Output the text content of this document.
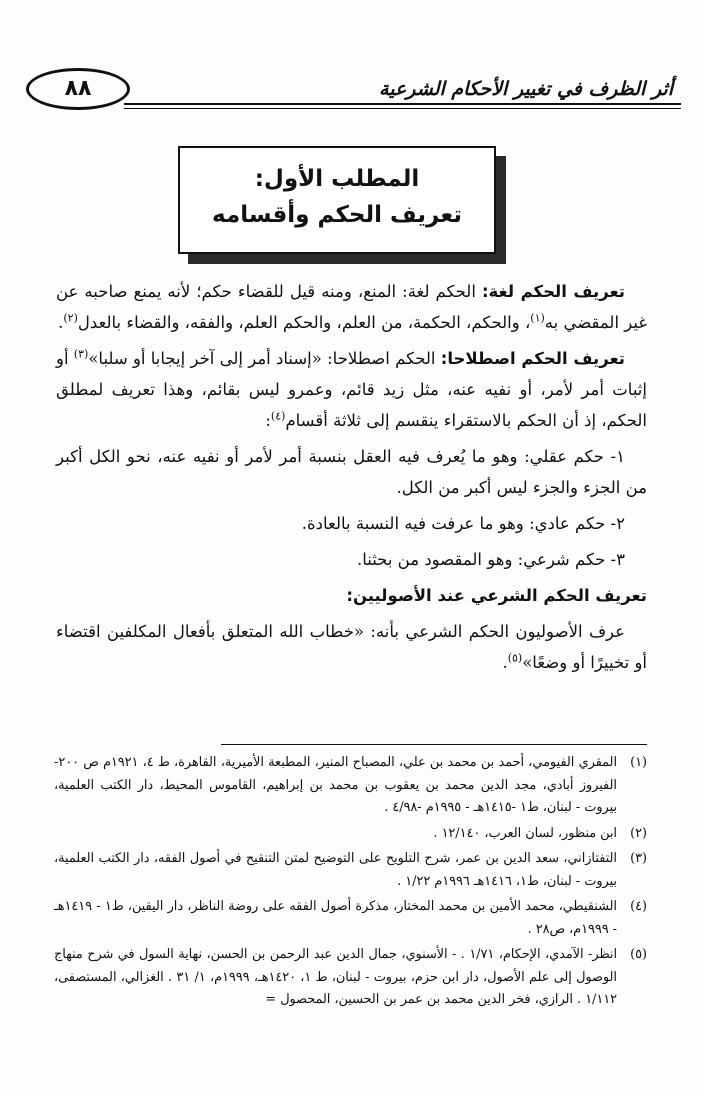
أثر الظرف في تغيير الأحكام الشرعية
٨٨
المطلب الأول:
تعريف الحكم وأقسامه

تعريف الحكم لغة: الحكم لغة: المنع، ومنه قيل للقضاء حكم؛ لأنه يمنع صاحبه عن غير المقضي به$^{(١)}$، والحكم، الحكمة، من العلم، والحكم العلم، والفقه، والقضاء بالعدل$^{(٢)}$.

تعريف الحكم اصطلاحا: الحكم اصطلاحا: «إسناد أمر إلى آخر إيجابا أو سلبا»$^{(٣)}$ أو إثبات أمر لأمر، أو نفيه عنه، مثل زيد قائم، وعمرو ليس بقائم، وهذا تعريف لمطلق الحكم، إذ أن الحكم بالاستقراء ينقسم إلى ثلاثة أقسام$^{(٤)}$:

١- حكم عقلي: وهو ما يُعرف فيه العقل بنسبة أمر لأمر أو نفيه عنه، نحو الكل أكبر من الجزء والجزء ليس أكبر من الكل.

٢- حكم عادي: وهو ما عرفت فيه النسبة بالعادة.

٣- حكم شرعي: وهو المقصود من بحثنا.

تعريف الحكم الشرعي عند الأصوليين:

عرف الأصوليون الحكم الشرعي بأنه: «خطاب الله المتعلق بأفعال المكلفين اقتضاء أو تخييرًا أو وضعًا»$^{(٥)}$.

(١)
المقري الفيومي، أحمد بن محمد بن علي، المصباح المنير، المطبعة الأميرية، القاهرة، ط ٤، ١٩٢١م ص ٢٠٠- الفيروز أبادي، مجد الدين محمد بن يعقوب بن محمد بن إبراهيم، القاموس المحيط، دار الكتب العلمية، بيروت - لبنان، ط١ -١٤١٥هـ - ١٩٩٥م -٤/٩٨ .

(٢)
ابن منظور، لسان العرب، ١٢/١٤٠ .

(٣)
التفتازاني، سعد الدين بن عمر، شرح التلويح على التوضيح لمتن التنقيح في أصول الفقه، دار الكتب العلمية، بيروت - لبنان، ط١، ١٤١٦هـ ١٩٩٦م ١/٢٢ .

(٤)
الشنقيطي، محمد الأمين بن محمد المختار، مذكرة أصول الفقه على روضة الناظر، دار اليقين، ط١ - ١٤١٩هـ - ١٩٩٩م، ص٢٨ .

(٥)
انظر- الآمدي، الإحكام، ١/٧١ . - الأسنوي، جمال الدين عبد الرحمن بن الحسن، نهاية السول في شرح منهاج الوصول إلى علم الأصول، دار ابن حزم، بيروت - لبنان، ط ١، ١٤٢٠هـ، ١٩٩٩م، ١/ ٣١ . الغزالي، المستصفى، ١/١١٢ . الرازي، فخر الدين محمد بن عمر بن الحسين، المحصول =
